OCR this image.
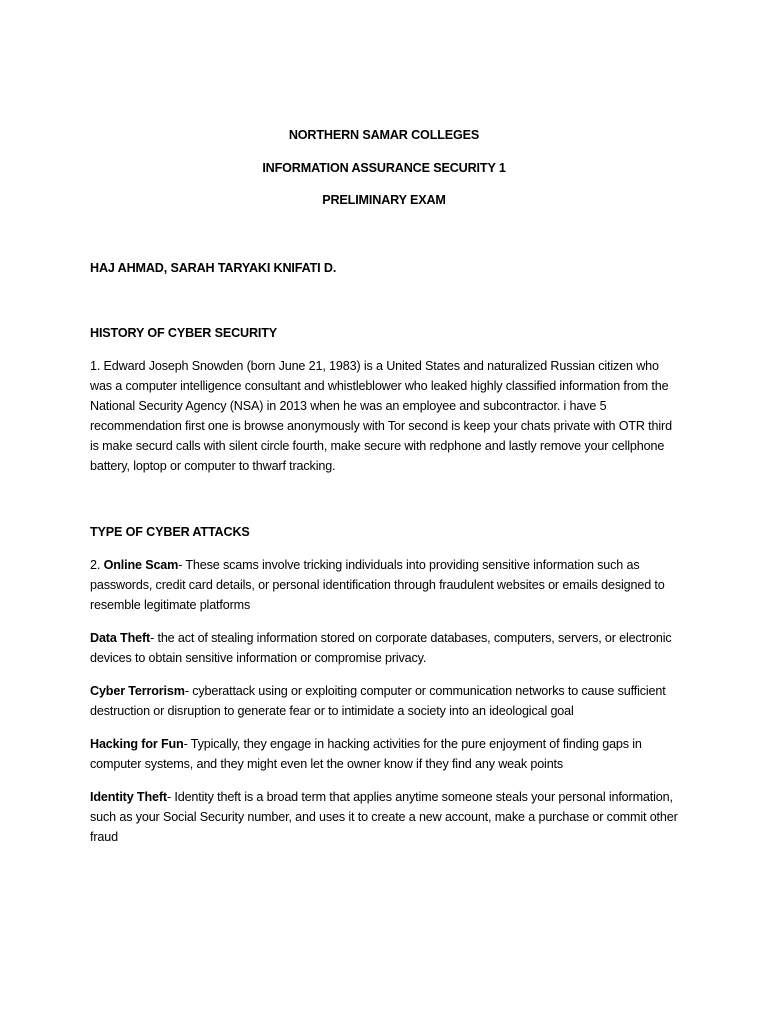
NORTHERN SAMAR COLLEGES

INFORMATION ASSURANCE SECURITY 1

PRELIMINARY EXAM

HAJ AHMAD, SARAH TARYAKI KNIFATI D.

HISTORY OF CYBER SECURITY

1. Edward Joseph Snowden (born June 21, 1983) is a United States and naturalized Russian citizen who was a computer intelligence consultant and whistleblower who leaked highly classified information from the National Security Agency (NSA) in 2013 when he was an employee and subcontractor. i have 5 recommendation first one is browse anonymously with Tor second is keep your chats private with OTR third is make securd calls with silent circle fourth, make secure with redphone and lastly remove your cellphone battery, loptop or computer to thwarf tracking.

TYPE OF CYBER ATTACKS

2. Online Scam- These scams involve tricking individuals into providing sensitive information such as passwords, credit card details, or personal identification through fraudulent websites or emails designed to resemble legitimate platforms

Data Theft- the act of stealing information stored on corporate databases, computers, servers, or electronic devices to obtain sensitive information or compromise privacy.

Cyber Terrorism- cyberattack using or exploiting computer or communication networks to cause sufficient destruction or disruption to generate fear or to intimidate a society into an ideological goal

Hacking for Fun- Typically, they engage in hacking activities for the pure enjoyment of finding gaps in computer systems, and they might even let the owner know if they find any weak points

Identity Theft- Identity theft is a broad term that applies anytime someone steals your personal information, such as your Social Security number, and uses it to create a new account, make a purchase or commit other fraud
